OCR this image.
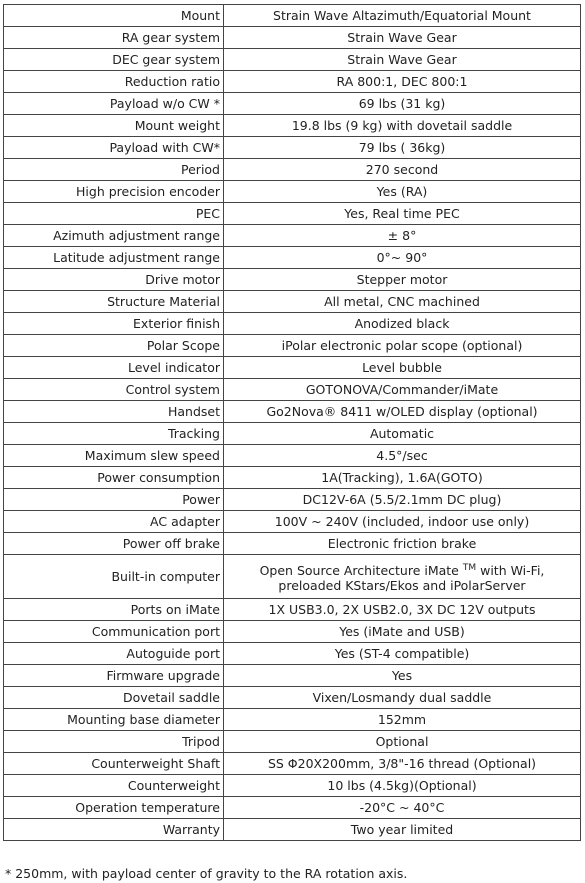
Mount	Strain Wave Altazimuth/Equatorial Mount
RA gear system	Strain Wave Gear
DEC gear system	Strain Wave Gear
Reduction ratio	RA 800:1, DEC 800:1
Payload w/o CW *	69 lbs (31 kg)
Mount weight	19.8 lbs (9 kg) with dovetail saddle
Payload with CW*	79 lbs ( 36kg)
Period	270 second
High precision encoder	Yes (RA)
PEC	Yes, Real time PEC
Azimuth adjustment range	± 8°
Latitude adjustment range	0°~ 90°
Drive motor	Stepper motor
Structure Material	All metal, CNC machined
Exterior finish	Anodized black
Polar Scope	iPolar electronic polar scope (optional)
Level indicator	Level bubble
Control system	GOTONOVA/Commander/iMate
Handset	Go2Nova® 8411 w/OLED display (optional)
Tracking	Automatic
Maximum slew speed	4.5°/sec
Power consumption	1A(Tracking), 1.6A(GOTO)
Power	DC12V-6A (5.5/2.1mm DC plug)
AC adapter	100V ~ 240V (included, indoor use only)
Power off brake	Electronic friction brake
Built-in computer	Open Source Architecture iMate ™ with Wi-Fi,
preloaded KStars/Ekos and iPolarServer
Ports on iMate	1X USB3.0, 2X USB2.0, 3X DC 12V outputs
Communication port	Yes (iMate and USB)
Autoguide port	Yes (ST-4 compatible)
Firmware upgrade	Yes
Dovetail saddle	Vixen/Losmandy dual saddle
Mounting base diameter	152mm
Tripod	Optional
Counterweight Shaft	SS Φ20X200mm, 3/8"-16 thread (Optional)
Counterweight	10 lbs (4.5kg)(Optional)
Operation temperature	-20°C ~ 40°C
Warranty	Two year limited
* 250mm, with payload center of gravity to the RA rotation axis.
